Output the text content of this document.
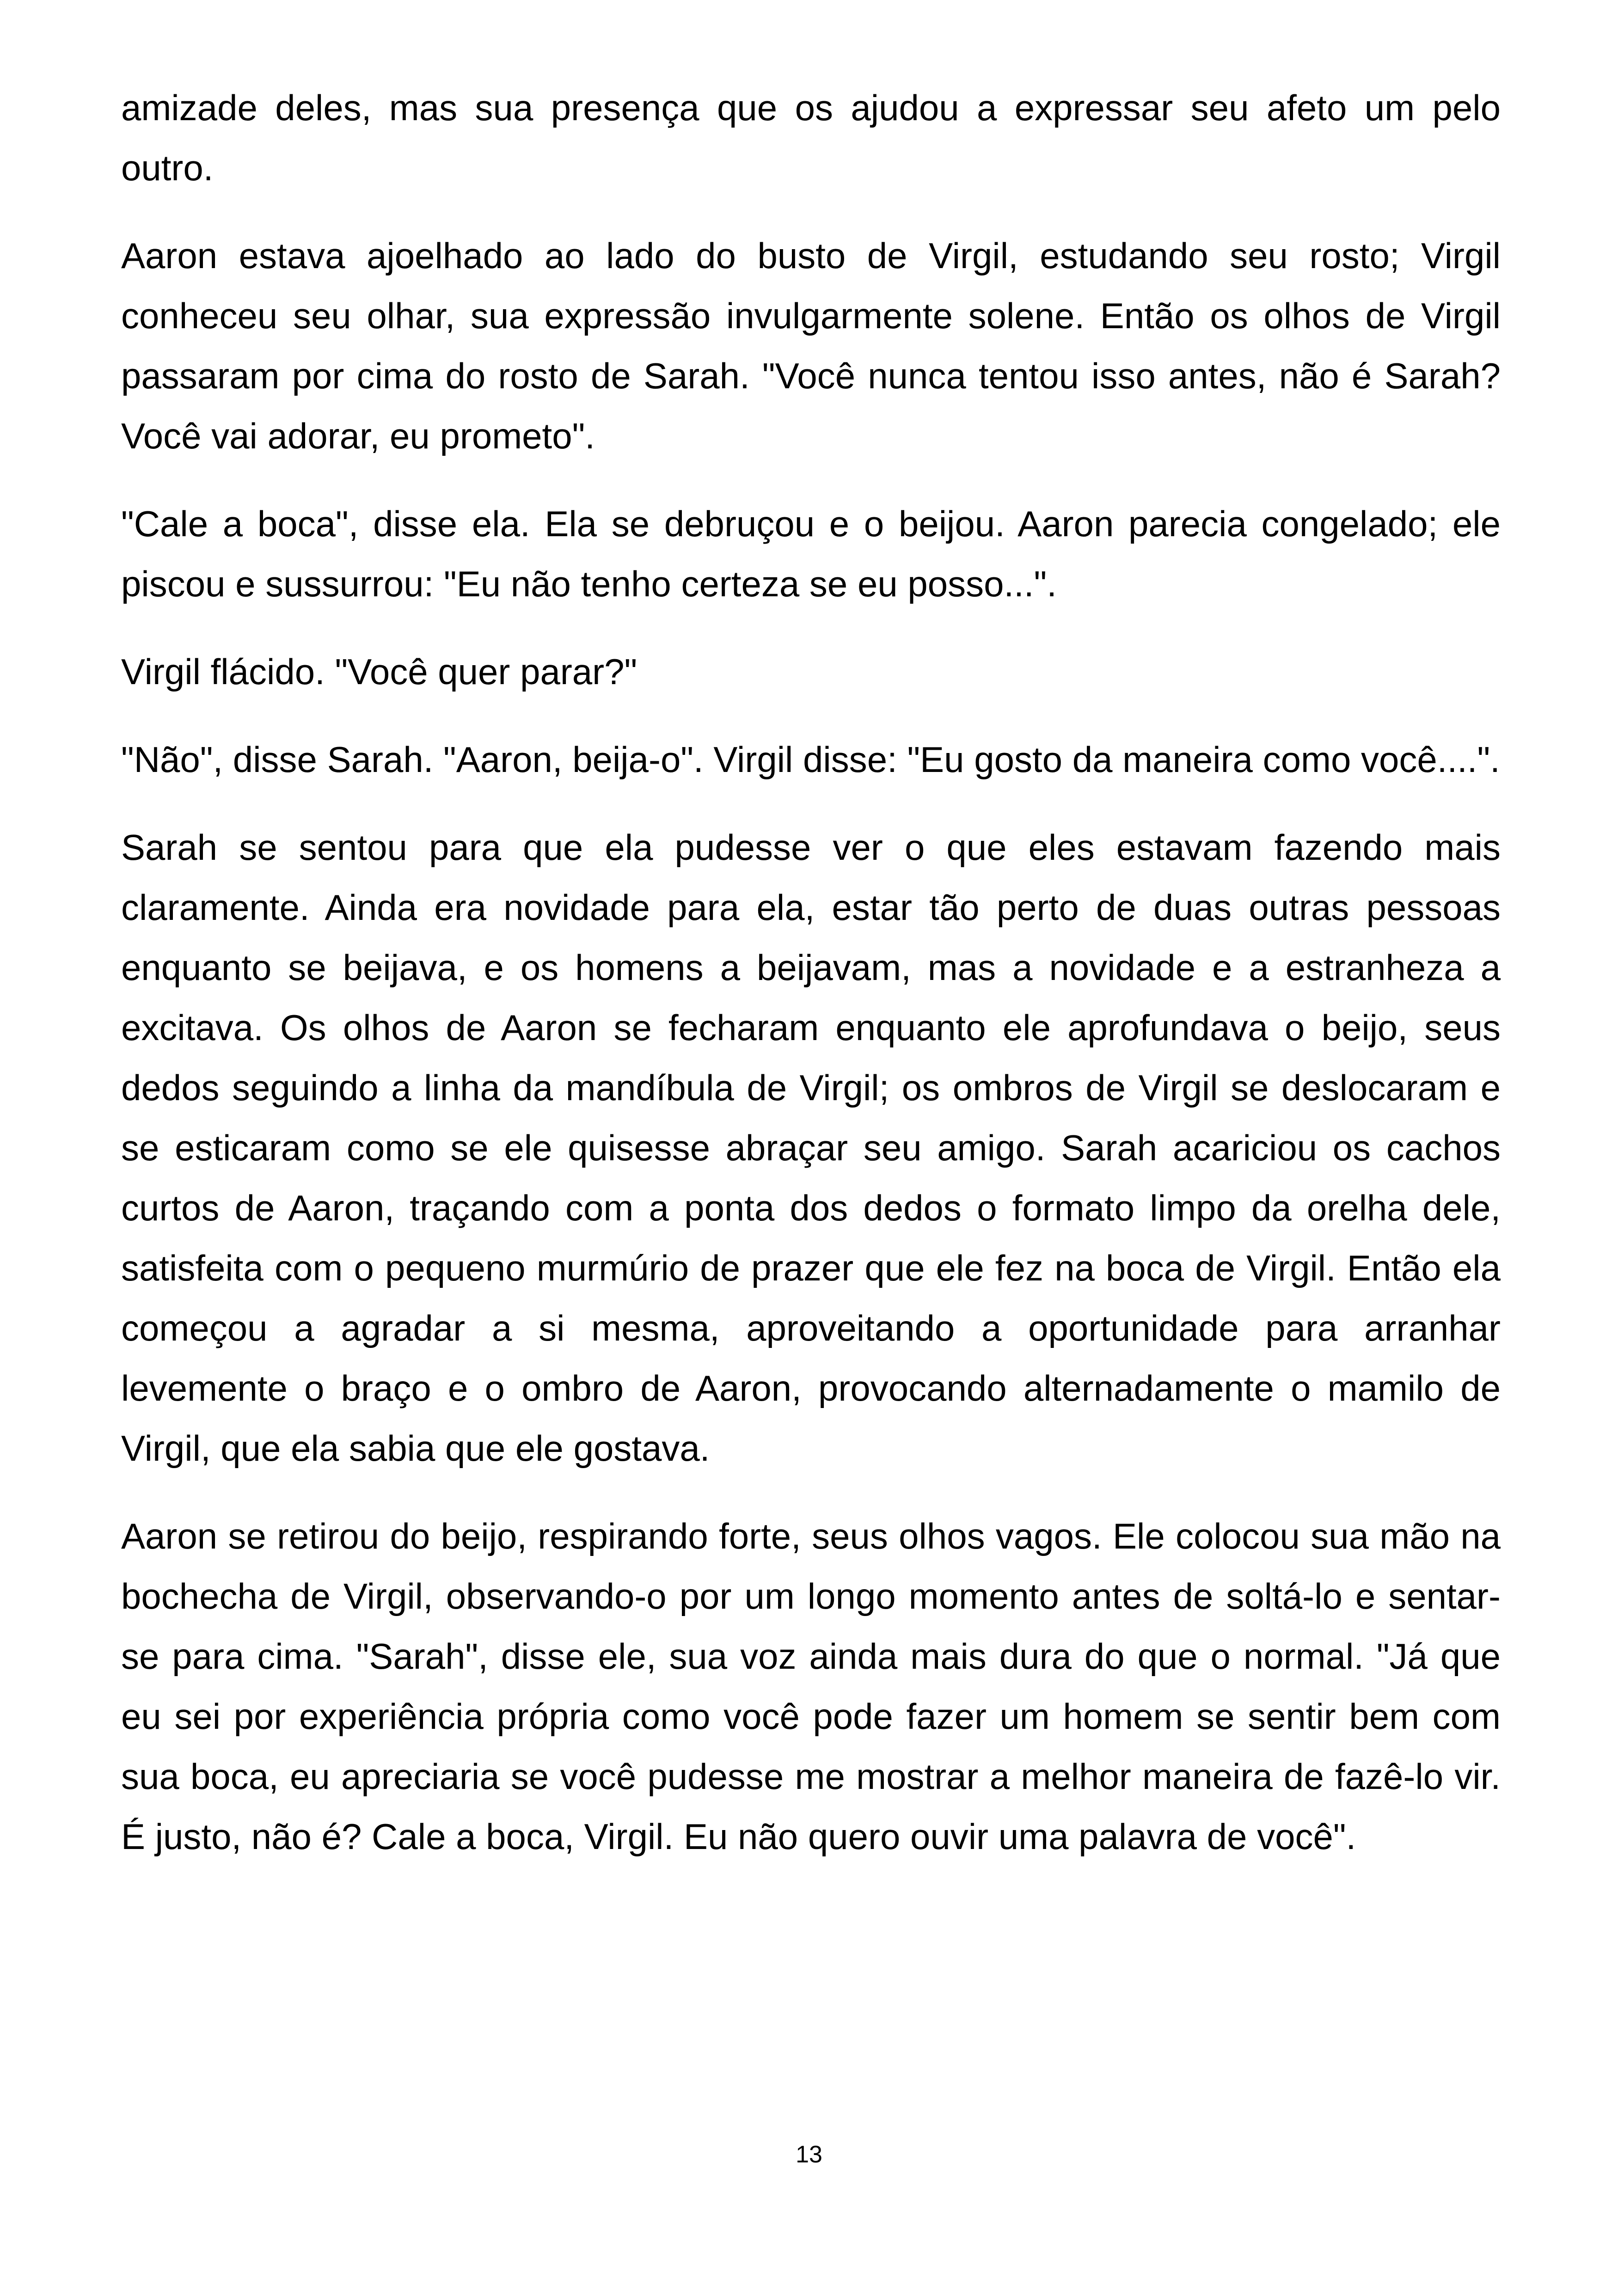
amizade deles, mas sua presença que os ajudou a expressar seu afeto um pelo outro.

Aaron estava ajoelhado ao lado do busto de Virgil, estudando seu rosto; Virgil conheceu seu olhar, sua expressão invulgarmente solene. Então os olhos de Virgil passaram por cima do rosto de Sarah. "Você nunca tentou isso antes, não é Sarah? Você vai adorar, eu prometo".

"Cale a boca", disse ela. Ela se debruçou e o beijou. Aaron parecia congelado; ele piscou e sussurrou: "Eu não tenho certeza se eu posso...".

Virgil flácido. "Você quer parar?"

"Não", disse Sarah. "Aaron, beija-o". Virgil disse: "Eu gosto da maneira como você....".

Sarah se sentou para que ela pudesse ver o que eles estavam fazendo mais claramente. Ainda era novidade para ela, estar tão perto de duas outras pessoas enquanto se beijava, e os homens a beijavam, mas a novidade e a estranheza a excitava. Os olhos de Aaron se fecharam enquanto ele aprofundava o beijo, seus dedos seguindo a linha da mandíbula de Virgil; os ombros de Virgil se deslocaram e se esticaram como se ele quisesse abraçar seu amigo. Sarah acariciou os cachos curtos de Aaron, traçando com a ponta dos dedos o formato limpo da orelha dele, satisfeita com o pequeno murmúrio de prazer que ele fez na boca de Virgil. Então ela começou a agradar a si mesma, aproveitando a oportunidade para arranhar levemente o braço e o ombro de Aaron, provocando alternadamente o mamilo de Virgil, que ela sabia que ele gostava.

Aaron se retirou do beijo, respirando forte, seus olhos vagos. Ele colocou sua mão na bochecha de Virgil, observando-o por um longo momento antes de soltá-lo e sentar-se para cima. "Sarah", disse ele, sua voz ainda mais dura do que o normal. "Já que eu sei por experiência própria como você pode fazer um homem se sentir bem com sua boca, eu apreciaria se você pudesse me mostrar a melhor maneira de fazê-lo vir. É justo, não é? Cale a boca, Virgil. Eu não quero ouvir uma palavra de você".

13
